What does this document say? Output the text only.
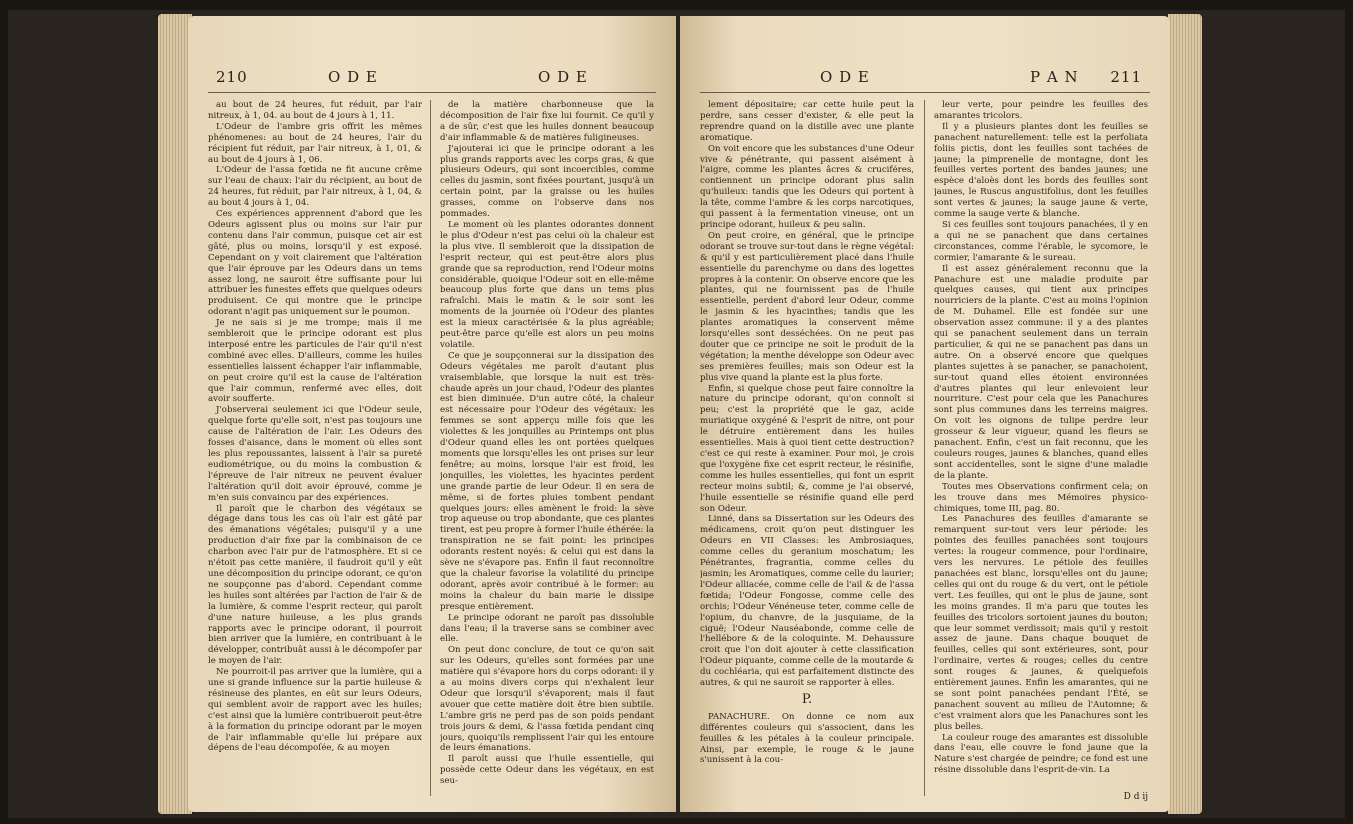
210	O D E	O D E

au bout de 24 heures, fut réduit, par l'air nitreux, à 1, 04. au bout de 4 jours à 1, 11.

L'Odeur de l'ambre gris offrit les mêmes phénomenes: au bout de 24 heures, l'air du récipient fut réduit, par l'air nitreux, à 1, 01, & au bout de 4 jours à 1, 06.

L'Odeur de l'assa fœtida ne fit aucune crême sur l'eau de chaux: l'air du récipient, au bout de 24 heures, fut réduit, par l'air nitreux, à 1, 04, & au bout 4 jours à 1, 04.

Ces expériences apprennent d'abord que les Odeurs agissent plus ou moins sur l'air pur contenu dans l'air commun, puisque cet air est gâté, plus ou moins, lorsqu'il y est exposé. Cependant on y voit clairement que l'altération que l'air éprouve par les Odeurs dans un tems assez long, ne sauroit être suffisante pour lui attribuer les funestes effets que quelques odeurs produisent. Ce qui montre que le principe odorant n'agit pas uniquement sur le poumon.

Je ne sais si je me trompe; mais il me sembleroit que le principe odorant est plus interposé entre les particules de l'air qu'il n'est combiné avec elles. D'ailleurs, comme les huiles essentielles laissent échapper l'air inflammable, on peut croire qu'il est la cause de l'altération que l'air commun, renfermé avec elles, doit avoir soufferte.

J'observerai seulement ici que l'Odeur seule, quelque forte qu'elle soit, n'est pas toujours une cause de l'altération de l'air. Les Odeurs des fosses d'aisance, dans le moment où elles sont les plus repoussantes, laissent à l'air sa pureté eudiométrique, ou du moins la combustion & l'épreuve de l'air nitreux ne peuvent évaluer l'altération qu'il doit avoir éprouvé, comme je m'en suis convaincu par des expériences.

Il paroît que le charbon des végétaux se dégage dans tous les cas où l'air est gâté par des émanations végétales; puisqu'il y a une production d'air fixe par la combinaison de ce charbon avec l'air pur de l'atmosphère. Et si ce n'étoit pas cette manière, il faudroit qu'il y eût une décomposition du principe odorant, ce qu'on ne soupçonne pas d'abord. Cependant comme les huiles sont altérées par l'action de l'air & de la lumière, & comme l'esprit recteur, qui paroît d'une nature huileuse, a les plus grands rapports avec le principe odorant, il pourroit bien arriver que la lumière, en contribuant à le développer, contribuât aussi à le décompoſer par le moyen de l'air.

Ne pourroit-il pas arriver que la lumière, qui a une si grande influence sur la partie huileuse & résineuse des plantes, en eût sur leurs Odeurs, qui semblent avoir de rapport avec les huiles; c'est ainsi que la lumière contribueroit peut-être à la formation du principe odorant par le moyen de l'air inflammable qu'elle lui prépare aux dépens de l'eau décompoſée, & au moyen

de la matière charbonneuse que la décomposition de l'air fixe lui fournit. Ce qu'il y a de sûr, c'est que les huiles donnent beaucoup d'air inflammable & de matières fuligineuses.

J'ajouterai ici que le principe odorant a les plus grands rapports avec les corps gras, & que plusieurs Odeurs, qui sont incoercibles, comme celles du jasmin, sont fixées pourtant, jusqu'à un certain point, par la graisse ou les huiles grasses, comme on l'observe dans nos pommades.

Le moment où les plantes odorantes donnent le plus d'Odeur n'est pas celui où la chaleur est la plus vive. Il sembleroit que la dissipation de l'esprit recteur, qui est peut-être alors plus grande que sa reproduction, rend l'Odeur moins considérable, quoique l'Odeur soit en elle-même beaucoup plus forte que dans un tems plus rafraîchi. Mais le matin & le soir sont les moments de la journée où l'Odeur des plantes est la mieux caractérisée & la plus agréable; peut-être parce qu'elle est alors un peu moins volatile.

Ce que je soupçonnerai sur la dissipation des Odeurs végétales me paroît d'autant plus vraisemblable, que lorsque la nuit est très-chaude après un jour chaud, l'Odeur des plantes est bien diminuée. D'un autre côté, la chaleur est nécessaire pour l'Odeur des végétaux: les femmes se sont apperçu mille fois que les violettes & les jonquilles au Printemps ont plus d'Odeur quand elles les ont portées quelques moments que lorsqu'elles les ont prises sur leur fenêtre; au moins, lorsque l'air est froid, les jonquilles, les violettes, les hyacintes perdent une grande partie de leur Odeur. Il en sera de même, si de fortes pluies tombent pendant quelques jours: elles amènent le froid: la sève trop aqueuse ou trop abondante, que ces plantes tirent, est peu propre à former l'huile éthérée: la transpiration ne se fait point: les principes odorants restent noyés: & celui qui est dans la sève ne s'évapore pas. Enfin il faut reconnoître que la chaleur favorise la volatilité du principe odorant, après avoir contribué à le former: au moins la chaleur du bain marie le dissipe presque entièrement.

Le principe odorant ne paroît pas dissoluble dans l'eau; il la traverse sans se combiner avec elle.

On peut donc conclure, de tout ce qu'on sait sur les Odeurs, qu'elles sont formées par une matière qui s'évapore hors du corps odorant: il y a au moins divers corps qui n'exhalent leur Odeur que lorsqu'il s'évaporent; mais il faut avouer que cette matière doit être bien subtile. L'ambre gris ne perd pas de son poids pendant trois jours & demi, & l'assa fœtida pendant cinq jours, quoiqu'ils remplissent l'air qui les entoure de leurs émanations.

Il paroît aussi que l'huile essentielle, qui possède cette Odeur dans les végétaux, en est seu-

O D E	P A N 211

lement dépositaire; car cette huile peut la perdre, sans cesser d'exister, & elle peut la reprendre quand on la distille avec une plante aromatique.

On voit encore que les substances d'une Odeur vive & pénétrante, qui passent aisément à l'aigre, comme les plantes âcres & cruciféres, contiennent un principe odorant plus salin qu'huileux: tandis que les Odeurs qui portent à la tête, comme l'ambre & les corps narcotiques, qui passent à la fermentation vineuse, ont un principe odorant, huileux & peu salin.

On peut croire, en général, que le principe odorant se trouve sur-tout dans le règne végétal: & qu'il y est particulièrement placé dans l'huile essentielle du parenchyme ou dans des logettes propres à la contenir. On observe encore que les plantes, qui ne fournissent pas de l'huile essentielle, perdent d'abord leur Odeur, comme le jasmin & les hyacinthes; tandis que les plantes aromatiques la conservent même lorsqu'elles sont desséchées. On ne peut pas douter que ce principe ne soit le produit de la végétation; la menthe développe son Odeur avec ses premières feuilles; mais son Odeur est la plus vive quand la plante est la plus forte.

Enfin, si quelque chose peut faire connoître la nature du principe odorant, qu'on connoît si peu; c'est la propriété que le gaz, acide muriatique oxygéné & l'esprit de nitre, ont pour le détruire entièrement dans les huiles essentielles. Mais à quoi tient cette destruction? c'est ce qui reste à examiner. Pour moi, je crois que l'oxygène fixe cet esprit recteur, le résinifie, comme les huiles essentielles, qui font un esprit recteur moins subtil; &, comme je l'ai observé, l'huile essentielle se résinifie quand elle perd son Odeur.

Linné, dans sa Dissertation sur les Odeurs des médicamens, croit qu'on peut distinguer les Odeurs en VII Classes: les Ambrosiaques, comme celles du geranium moschatum; les Pénétrantes, fragrantia, comme celles du jasmin; les Aromatiques, comme celle du laurier; l'Odeur alliacée, comme celle de l'ail & de l'assa fœtida; l'Odeur Fongosse, comme celle des orchis; l'Odeur Vénéneuse teter, comme celle de l'opium, du chanvre, de la jusquiame, de la ciguë; l'Odeur Nauséabonde, comme celle de l'hellébore & de la coloquinte. M. Dehaussure croit que l'on doit ajouter à cette classification l'Odeur piquante, comme celle de la moutarde & du cochléaria, qui est parfaitement distincte des autres, & qui ne sauroit se rapporter à elles.

P.

PANACHURE. On donne ce nom aux différentes couleurs qui s'associent, dans les feuilles & les pétales à la couleur principale. Ainsi, par exemple, le rouge & le jaune s'unissent à la cou-

leur verte, pour peindre les feuilles des amarantes tricolors.

Il y a plusieurs plantes dont les feuilles se panachent naturellement: telle est la perfoliata foliis pictis, dont les feuilles sont tachées de jaune; la pimprenelle de montagne, dont les feuilles vertes portent des bandes jaunes; une espèce d'aloès dont les bords des feuilles sont jaunes, le Ruscus angustifolius, dont les feuilles sont vertes & jaunes; la sauge jaune & verte, comme la sauge verte & blanche.

Si ces feuilles sont toujours panachées, il y en a qui ne se panachent que dans certaines circonstances, comme l'érable, le sycomore, le cormier, l'amarante & le sureau.

Il est assez généralement reconnu que la Panachure est une maladie produite par quelques causes, qui tient aux principes nourriciers de la plante. C'est au moins l'opinion de M. Duhamel. Elle est fondée sur une observation assez commune: il y a des plantes qui se panachent seulement dans un terrain particulier, & qui ne se panachent pas dans un autre. On a observé encore que quelques plantes sujettes à se panacher, se panachoient, sur-tout quand elles étoient environnées d'autres plantes qui leur enlevoient leur nourriture. C'est pour cela que les Panachures sont plus communes dans les terreins maigres. On voit les oignons de tulipe perdre leur grosseur & leur vigueur, quand les fleurs se panachent. Enfin, c'est un fait reconnu, que les couleurs rouges, jaunes & blanches, quand elles sont accidentelles, sont le signe d'une maladie de la plante.

Toutes mes Observations confirment cela; on les trouve dans mes Mémoires physico-chimiques, tome III, pag. 80.

Les Panachures des feuilles d'amarante se remarquent sur-tout vers leur période: les pointes des feuilles panachées sont toujours vertes: la rougeur commence, pour l'ordinaire, vers les nervures. Le pétiole des feuilles panachées est blanc, lorsqu'elles ont du jaune; celles qui ont du rouge & du vert, ont le pétiole vert. Les feuilles, qui ont le plus de jaune, sont les moins grandes. Il m'a paru que toutes les feuilles des tricolors sortoient jaunes du bouton; que leur sommet verdissoit; mais qu'il y restoit assez de jaune. Dans chaque bouquet de feuilles, celles qui sont extérieures, sont, pour l'ordinaire, vertes & rouges; celles du centre sont rouges & jaunes, & quelquefois entièrement jaunes. Enfin les amarantes, qui ne se sont point panachées pendant l'Été, se panachent souvent au milieu de l'Automne; & c'est vraiment alors que les Panachures sont les plus belles.

La couleur rouge des amarantes est dissoluble dans l'eau, elle couvre le fond jaune que la Nature s'est chargée de peindre; ce fond est une résine dissoluble dans l'esprit-de-vin. La

D d ij
